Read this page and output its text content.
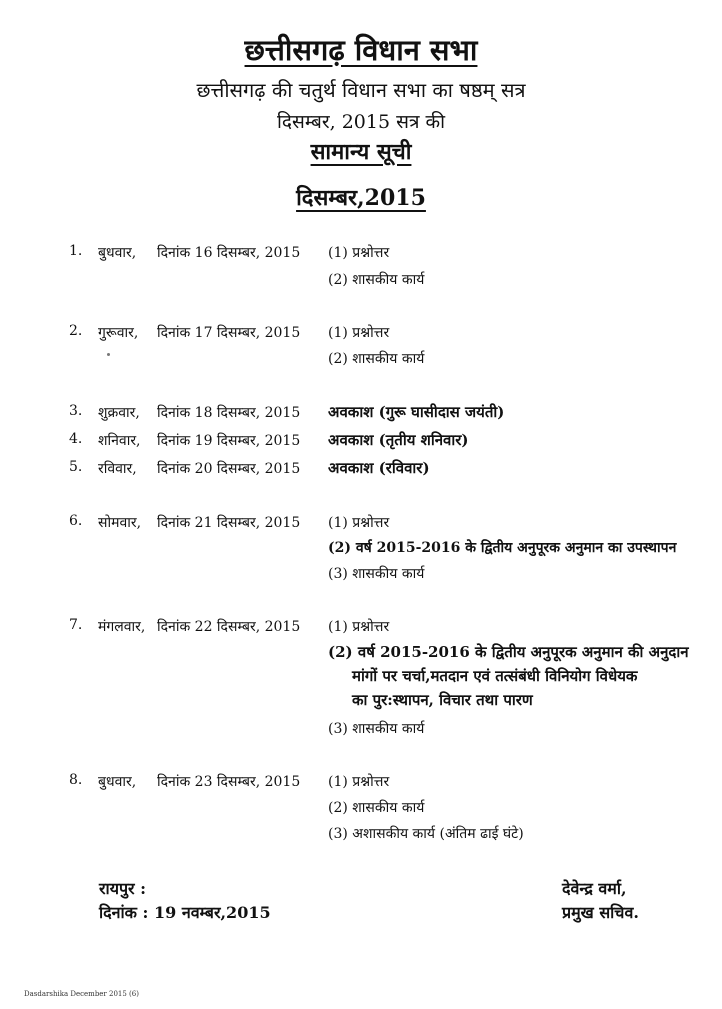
छत्तीसगढ़ विधान सभा
छत्तीसगढ़ की चतुर्थ विधान सभा का षष्ठम् सत्र
दिसम्बर, 2015 सत्र की
सामान्य सूची
दिसम्बर,2015
1. बुधवार, दिनांक 16 दिसम्बर, 2015 (1) प्रश्नोत्तर
(2) शासकीय कार्य
2. गुरूवार, दिनांक 17 दिसम्बर, 2015 (1) प्रश्नोत्तर
(2) शासकीय कार्य
3. शुक्रवार, दिनांक 18 दिसम्बर, 2015 अवकाश (गुरू घासीदास जयंती)
4. शनिवार, दिनांक 19 दिसम्बर, 2015 अवकाश (तृतीय शनिवार)
5. रविवार, दिनांक 20 दिसम्बर, 2015 अवकाश (रविवार)
6. सोमवार, दिनांक 21 दिसम्बर, 2015 (1) प्रश्नोत्तर
(2) वर्ष 2015-2016 के द्वितीय अनुपूरक अनुमान का उपस्थापन
(3) शासकीय कार्य
7. मंगलवार, दिनांक 22 दिसम्बर, 2015 (1) प्रश्नोत्तर
(2) वर्ष 2015-2016 के द्वितीय अनुपूरक अनुमान की अनुदान
मांगों पर चर्चा,मतदान एवं तत्संबंधी विनियोग विधेयक
का पुर:स्थापन, विचार तथा पारण
(3) शासकीय कार्य
8. बुधवार, दिनांक 23 दिसम्बर, 2015 (1) प्रश्नोत्तर
(2) शासकीय कार्य
(3) अशासकीय कार्य (अंतिम ढाई घंटे)
रायपुर :
दिनांक : 19 नवम्बर,2015
देवेन्द्र वर्मा,
प्रमुख सचिव.
Dasdarshika December 2015 (6)
